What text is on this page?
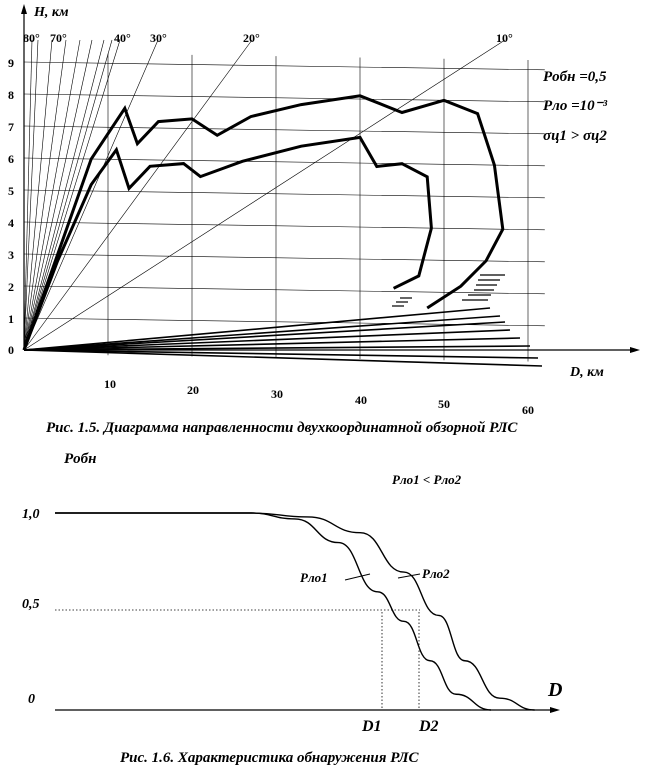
0
1
2
3
4
5
6
7
8
9
10	20	30	40	50	60
80° 70°	40° 30°	20°	10°
H, км
D, км
Pобн =0,5
Pло =10⁻³
σц1 > σц2
Рис. 1.5. Диаграмма направленности двухкоординатной обзорной РЛС
Pобн
Pло1 < Pло2
1,0
0,5
0
Pло1	Pло2
D
D1 D2
Рис. 1.6. Характеристика обнаружения РЛС
